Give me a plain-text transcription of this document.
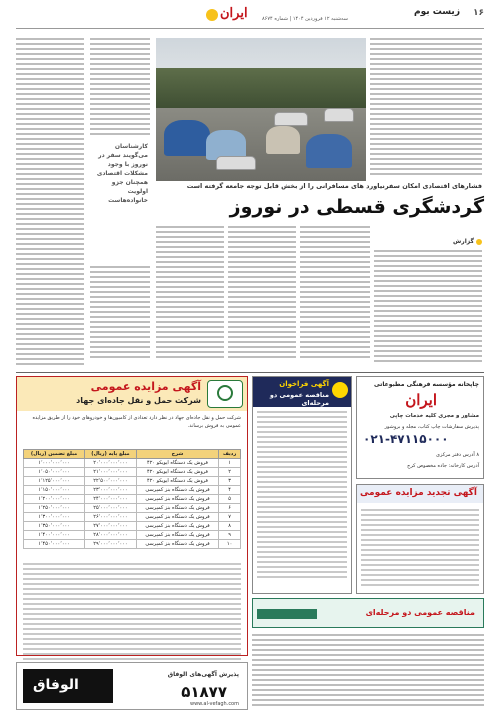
ایران	سه‌شنبه ۱۲ فروردین ۱۴۰۴ | شماره ۸۶۷۴
زیست بوم ۱۶
کارشناسان می‌گویند سفر در نوروز با وجود مشکلات اقتصادی همچنان جزو اولویت خانواده‌هاست
فشارهای اقتصادی امکان سفرنیاورد های مسافرانی را از بخش قابل توجه جامعه گرفته است
گردشگری قسطی در نوروز
گزارش
آگهی مزایده عمومی
شرکت حمل و نقل جاده‌ای جهاد
شرکت حمل و نقل جاده‌ای جهاد در نظر دارد تعدادی از کامیون‌ها و خودروهای خود را از طریق مزایده عمومی به فروش برساند.
ردیف	شرح	مبلغ پایه (ریال)	مبلغ تضمین (ریال)
۱	فروش یک دستگاه ایویکو ۴۲۰	۲۰٬۰۰۰٬۰۰۰٬۰۰۰	۱٬۰۰۰٬۰۰۰٬۰۰۰
۲	فروش یک دستگاه ایویکو ۴۲۰	۲۱٬۰۰۰٬۰۰۰٬۰۰۰	۱٬۰۵۰٬۰۰۰٬۰۰۰
۳	فروش یک دستگاه ایویکو ۴۲۰	۲۲٬۵۰۰٬۰۰۰٬۰۰۰	۱٬۱۲۵٬۰۰۰٬۰۰۰
۴	فروش یک دستگاه بنز کمپرسی	۲۳٬۰۰۰٬۰۰۰٬۰۰۰	۱٬۱۵۰٬۰۰۰٬۰۰۰
۵	فروش یک دستگاه بنز کمپرسی	۲۴٬۰۰۰٬۰۰۰٬۰۰۰	۱٬۲۰۰٬۰۰۰٬۰۰۰
۶	فروش یک دستگاه بنز کمپرسی	۲۵٬۰۰۰٬۰۰۰٬۰۰۰	۱٬۲۵۰٬۰۰۰٬۰۰۰
۷	فروش یک دستگاه بنز کمپرسی	۲۶٬۰۰۰٬۰۰۰٬۰۰۰	۱٬۳۰۰٬۰۰۰٬۰۰۰
۸	فروش یک دستگاه بنز کمپرسی	۲۷٬۰۰۰٬۰۰۰٬۰۰۰	۱٬۳۵۰٬۰۰۰٬۰۰۰
۹	فروش یک دستگاه بنز کمپرسی	۲۸٬۰۰۰٬۰۰۰٬۰۰۰	۱٬۴۰۰٬۰۰۰٬۰۰۰
۱۰	فروش یک دستگاه بنز کمپرسی	۲۹٬۰۰۰٬۰۰۰٬۰۰۰	۱٬۴۵۰٬۰۰۰٬۰۰۰
آگهی فراخوان
مناقصه عمومی دو مرحله‌ای
چاپخانه مؤسسه فرهنگی مطبوعاتی
ایران
مشاور و مجری کلیه خدمات چاپی
پذیرش سفارشات چاپ کتاب، مجله و بروشور
۰۲۱-۴۷۱۱۵۰۰۰
۸ آدرس دفتر مرکزی
آدرس کارخانه: جاده مخصوص کرج
آگهی تجدید مزایده عمومی
مناقصه عمومی دو مرحله‌ای
الوفاق
پذیرش آگهی‌های الوفاق
۵۱۸۷۷
www.al-vefagh.com
